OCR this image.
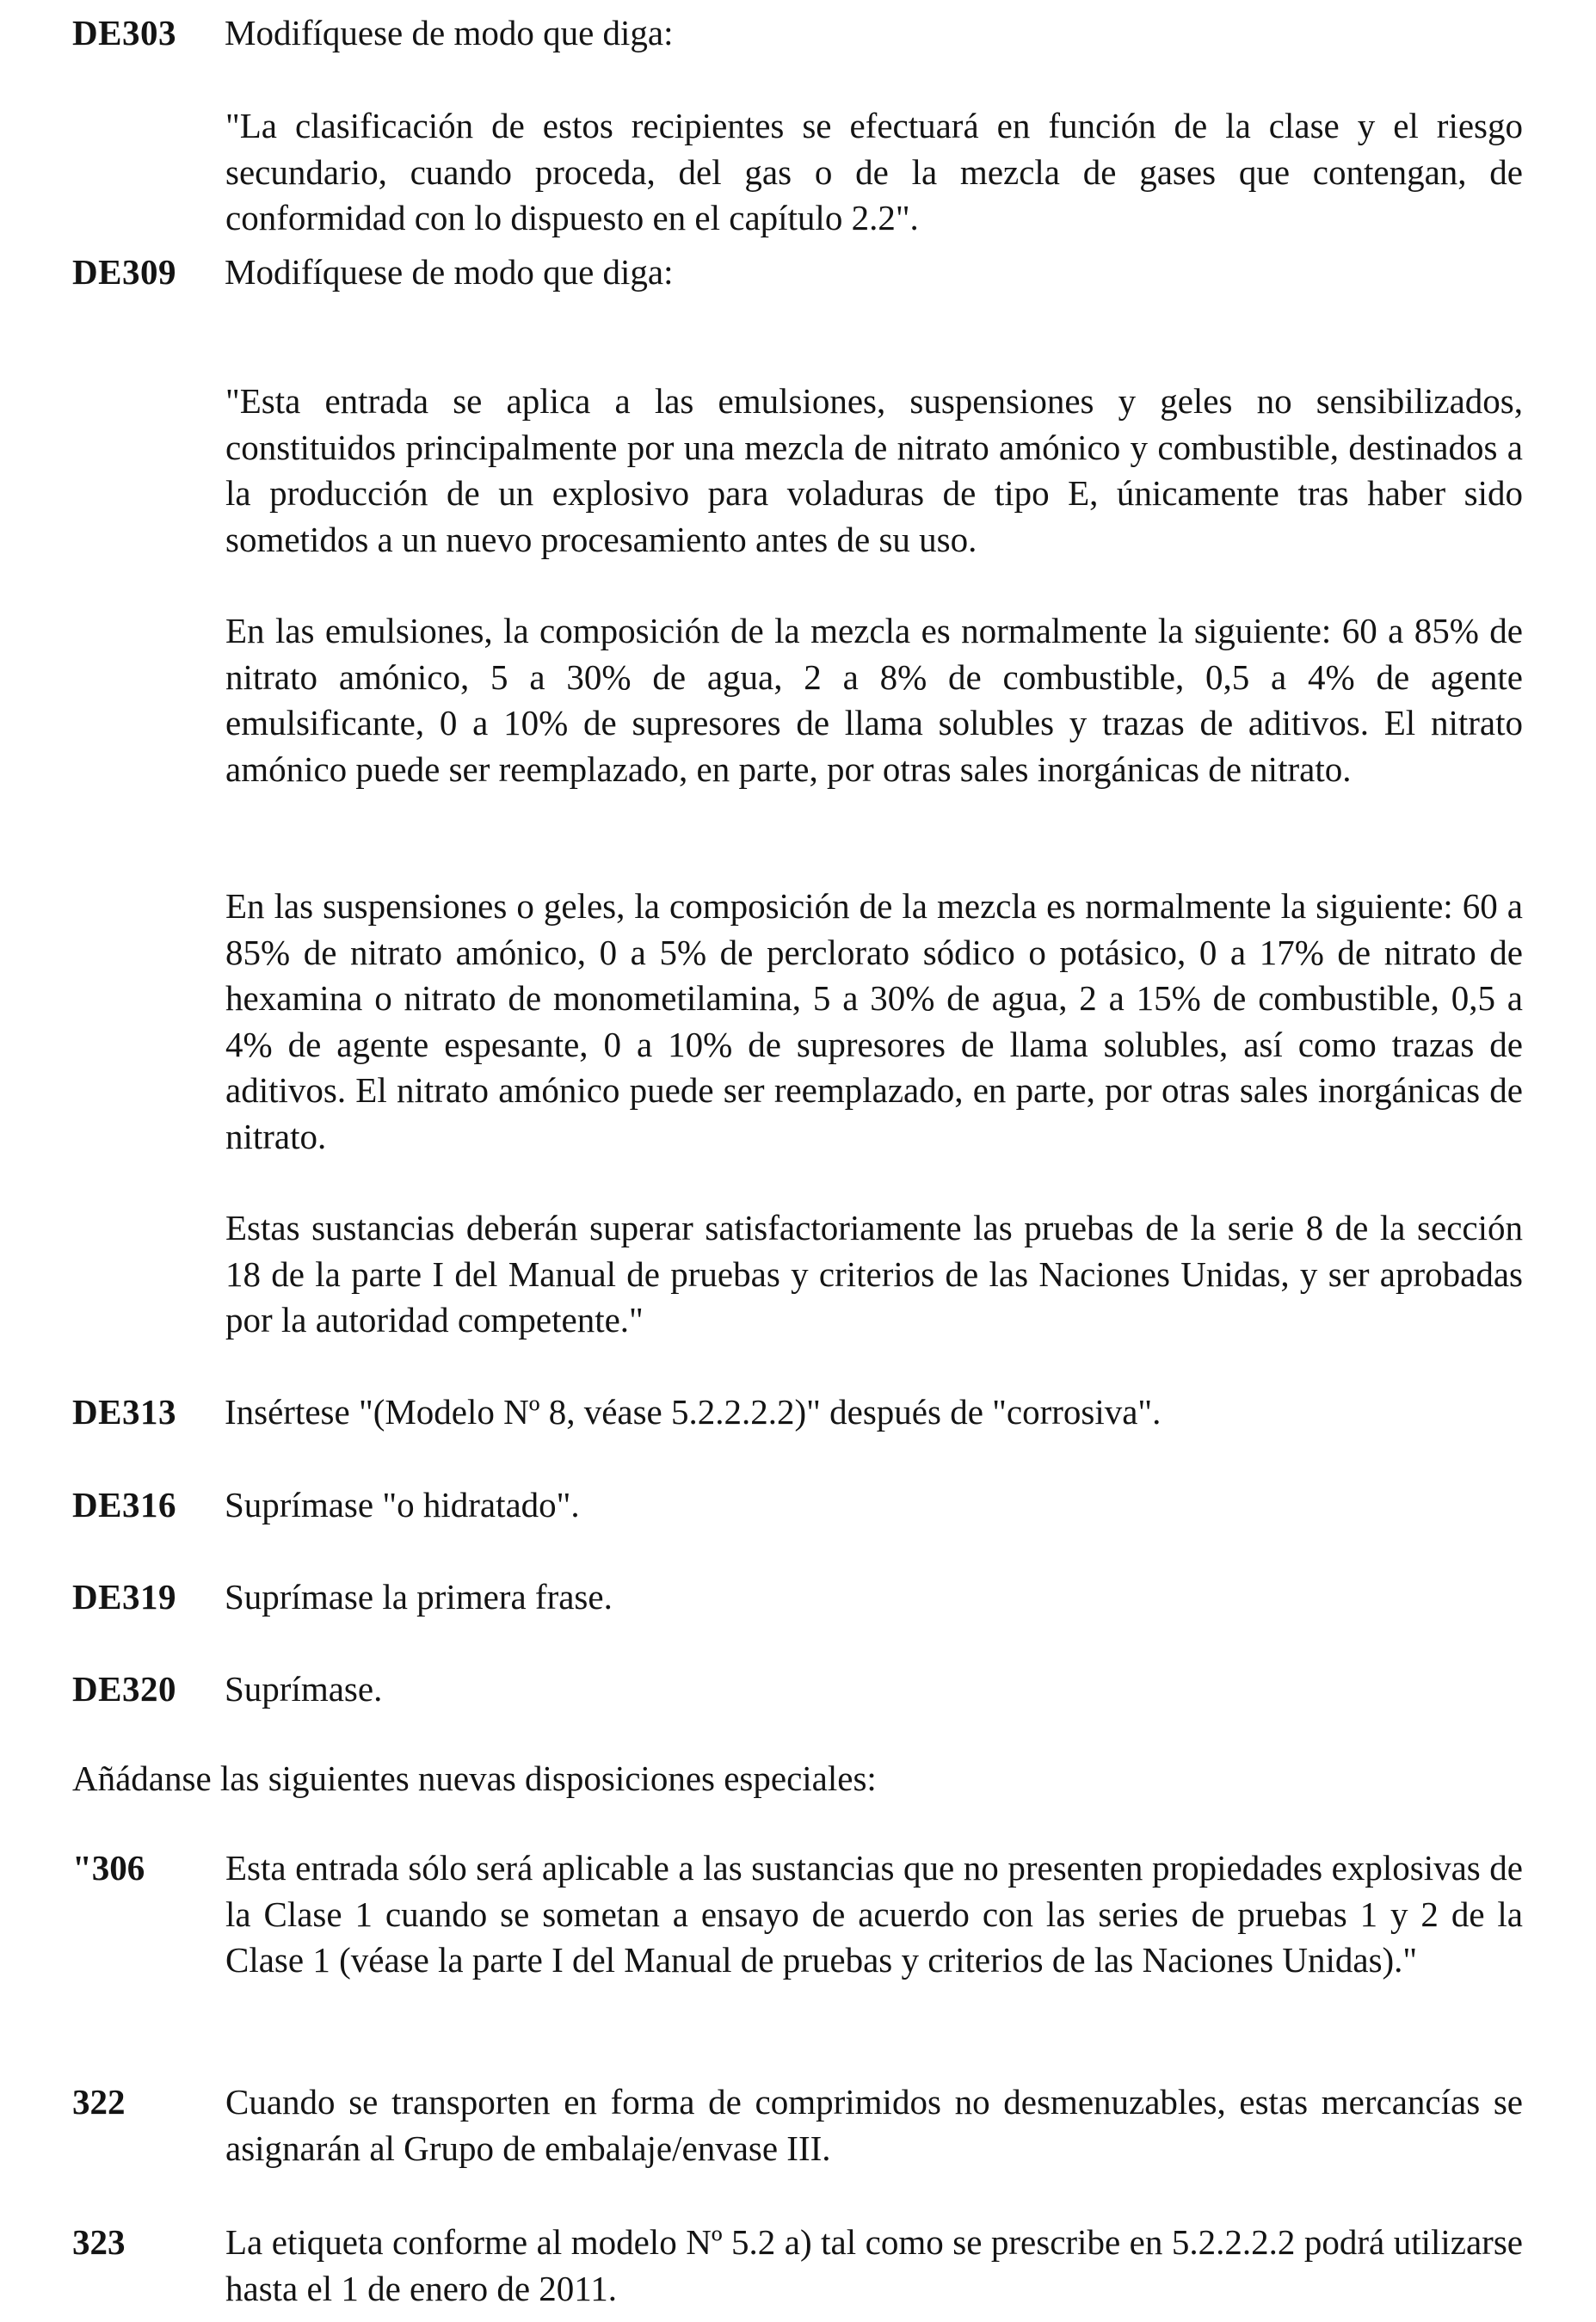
DE303 Modifíquese de modo que diga:

"La clasificación de estos recipientes se efectuará en función de la clase y el riesgo secundario, cuando proceda, del gas o de la mezcla de gases que contengan, de conformidad con lo dispuesto en el capítulo 2.2".

DE309 Modifíquese de modo que diga:

"Esta entrada se aplica a las emulsiones, suspensiones y geles no sensibilizados, constituidos principalmente por una mezcla de nitrato amónico y combustible, destinados a la producción de un explosivo para voladuras de tipo E, únicamente tras haber sido sometidos a un nuevo procesamiento antes de su uso.

En las emulsiones, la composición de la mezcla es normalmente la siguiente: 60 a 85% de nitrato amónico, 5 a 30% de agua, 2 a 8% de combustible, 0,5 a 4% de agente emulsificante, 0 a 10% de supresores de llama solubles y trazas de aditivos. El nitrato amónico puede ser reemplazado, en parte, por otras sales inorgánicas de nitrato.

En las suspensiones o geles, la composición de la mezcla es normalmente la siguiente: 60 a 85% de nitrato amónico, 0 a 5% de perclorato sódico o potásico, 0 a 17% de nitrato de hexamina o nitrato de monometilamina, 5 a 30% de agua, 2 a 15% de combustible, 0,5 a 4% de agente espesante, 0 a 10% de supresores de llama solubles, así como trazas de aditivos. El nitrato amónico puede ser reemplazado, en parte, por otras sales inorgánicas de nitrato.

Estas sustancias deberán superar satisfactoriamente las pruebas de la serie 8 de la sección 18 de la parte I del Manual de pruebas y criterios de las Naciones Unidas, y ser aprobadas por la autoridad competente."

DE313 Insértese "(Modelo Nº 8, véase 5.2.2.2.2)" después de "corrosiva".
DE316 Suprímase "o hidratado".
DE319 Suprímase la primera frase.
DE320 Suprímase.
Añádanse las siguientes nuevas disposiciones especiales:
"306 Esta entrada sólo será aplicable a las sustancias que no presenten propiedades explosivas de la Clase 1 cuando se sometan a ensayo de acuerdo con las series de pruebas 1 y 2 de la Clase 1 (véase la parte I del Manual de pruebas y criterios de las Naciones Unidas)."

322	Cuando se transporten en forma de comprimidos no desmenuzables, estas mercancías se asignarán al Grupo de embalaje/envase III.

323	La etiqueta conforme al modelo Nº 5.2 a) tal como se prescribe en 5.2.2.2.2 podrá utilizarse hasta el 1 de enero de 2011.
